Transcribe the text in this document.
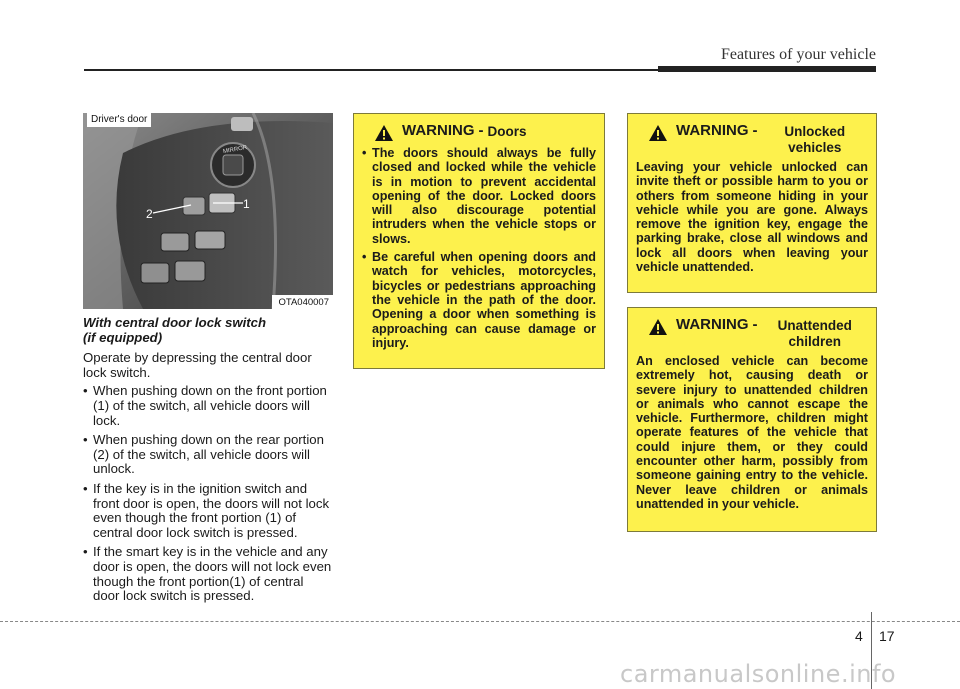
Features of your vehicle
2
1
MIRROR
Driver's door
OTA040007
With central door lock switch
(if equipped)

Operate by depressing the central door lock switch.

• When pushing down on the front portion (1) of the switch, all vehicle doors will lock.
• When pushing down on the rear portion (2) of the switch, all vehicle doors will unlock.
• If the key is in the ignition switch and front door is open, the doors will not lock even though the front portion (1) of central door lock switch is pressed.
• If the smart key is in the vehicle and any door is open, the doors will not lock even though the front portion(1) of central door lock switch is pressed.
WARNING - Doors
• The doors should always be fully closed and locked while the vehicle is in motion to prevent accidental opening of the door. Locked doors will also discourage potential intruders when the vehicle stops or slows.
• Be careful when opening doors and watch for vehicles, motorcycles, bicycles or pedestrians approaching the vehicle in the path of the door. Opening a door when something is approaching can cause damage or injury.
WARNING -	Unlocked vehicles
Leaving your vehicle unlocked can invite theft or possible harm to you or others from someone hiding in your vehicle while you are gone. Always remove the ignition key, engage the parking brake, close all windows and lock all doors when leaving your vehicle unattended.
WARNING -	Unattended children
An enclosed vehicle can become extremely hot, causing death or severe injury to unattended children or animals who cannot escape the vehicle. Furthermore, children might operate features of the vehicle that could injure them, or they could encounter other harm, possibly from someone gaining entry to the vehicle. Never leave children or animals unattended in your vehicle.
4 17
carmanualsonline.info
